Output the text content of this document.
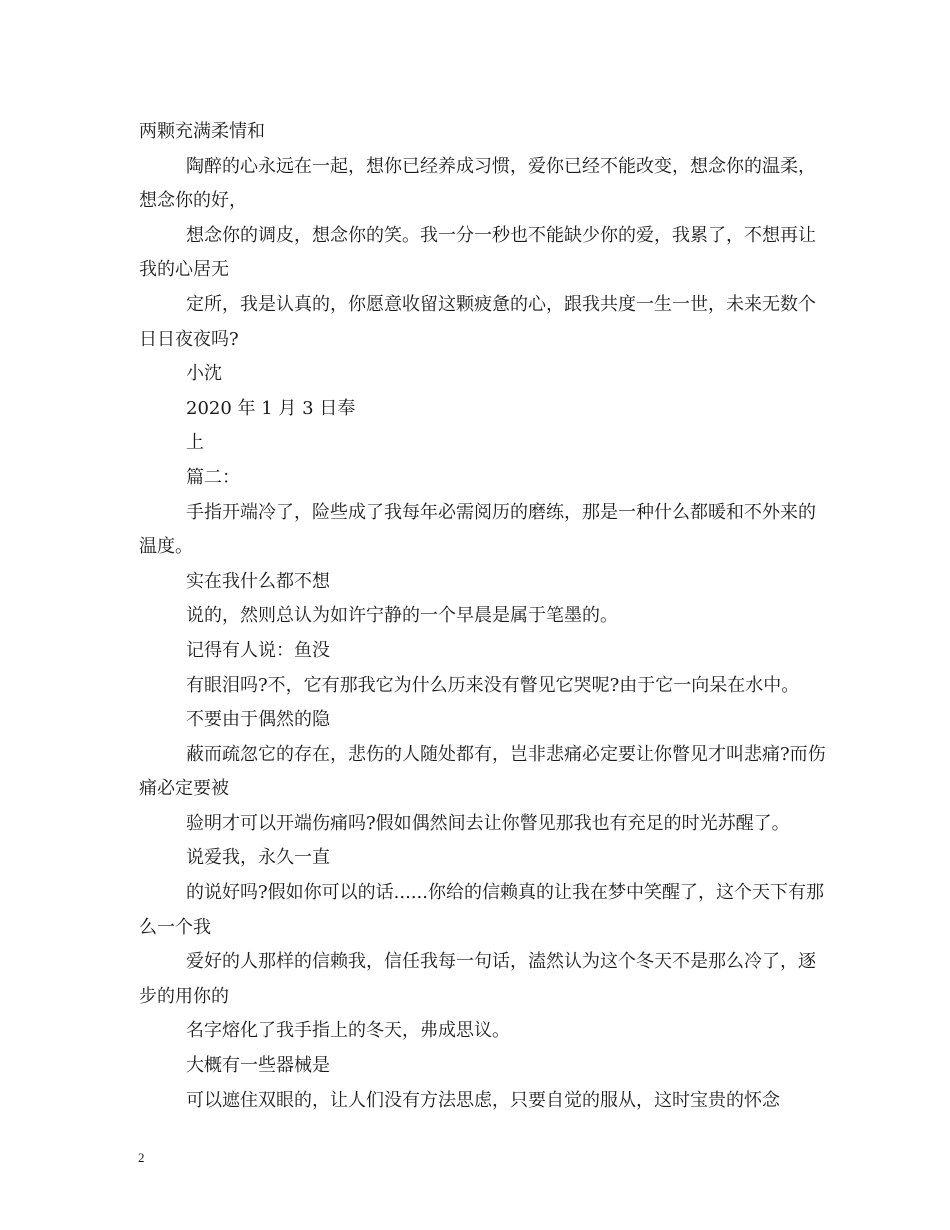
两颗充满柔情和

陶醉的心永远在一起，想你已经养成习惯，爱你已经不能改变，想念你的温柔，想念你的好，

想念你的调皮，想念你的笑。我一分一秒也不能缺少你的爱，我累了，不想再让我的心居无

定所，我是认真的，你愿意收留这颗疲惫的心，跟我共度一生一世，未来无数个日日夜夜吗?

小沈

2020 年 1 月 3 日奉

上

篇二：

手指开端冷了，险些成了我每年必需阅历的磨练，那是一种什么都暖和不外来的温度。

实在我什么都不想

说的，然则总认为如许宁静的一个早晨是属于笔墨的。

记得有人说：鱼没

有眼泪吗?不，它有那我它为什么历来没有瞥见它哭呢?由于它一向呆在水中。

不要由于偶然的隐

蔽而疏忽它的存在，悲伤的人随处都有，岂非悲痛必定要让你瞥见才叫悲痛?而伤痛必定要被

验明才可以开端伤痛吗?假如偶然间去让你瞥见那我也有充足的时光苏醒了。

说爱我，永久一直

的说好吗?假如你可以的话......你给的信赖真的让我在梦中笑醒了，这个天下有那么一个我

爱好的人那样的信赖我，信任我每一句话，溘然认为这个冬天不是那么冷了，逐步的用你的

名字熔化了我手指上的冬天，弗成思议。

大概有一些器械是

可以遮住双眼的，让人们没有方法思虑，只要自觉的服从，这时宝贵的怀念

2
